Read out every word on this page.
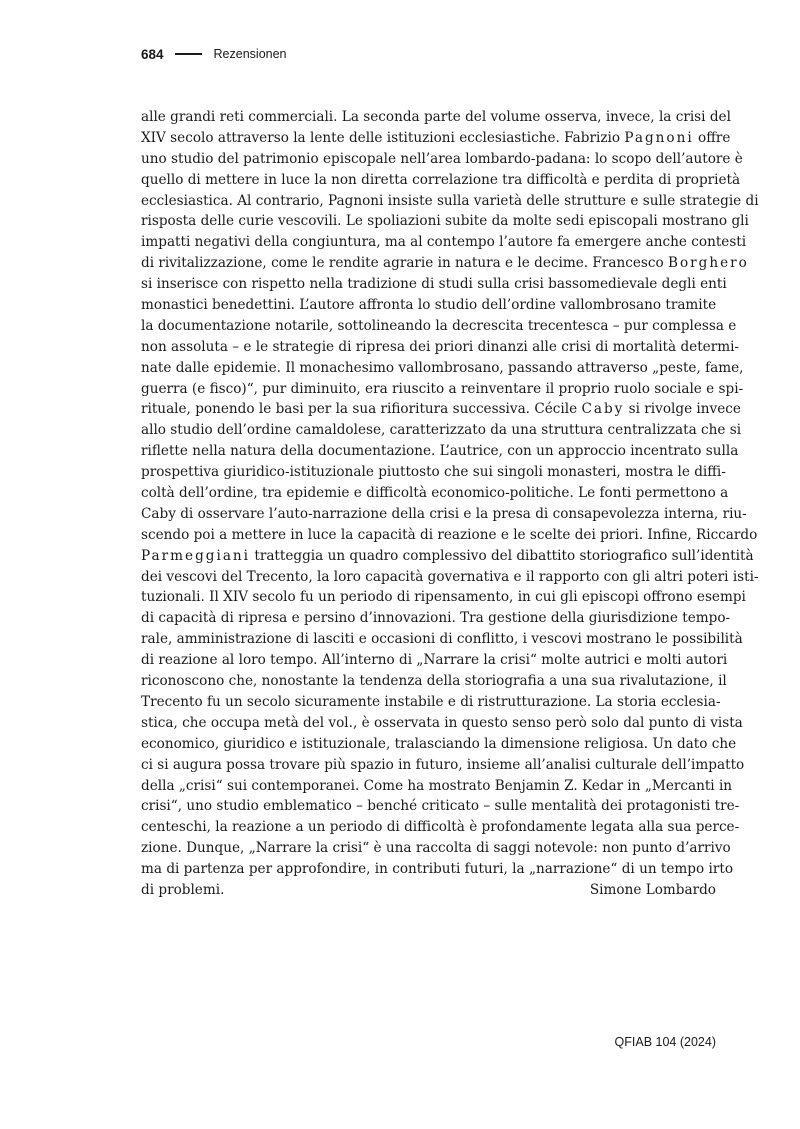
684	Rezensionen
alle grandi reti commerciali. La seconda parte del volume osserva, invece, la crisi del
XIV secolo attraverso la lente delle istituzioni ecclesiastiche. Fabrizio Pagnoni offre
uno studio del patrimonio episcopale nell’area lombardo-padana: lo scopo dell’autore è
quello di mettere in luce la non diretta correlazione tra difficoltà e perdita di proprietà
ecclesiastica. Al contrario, Pagnoni insiste sulla varietà delle strutture e sulle strategie di
risposta delle curie vescovili. Le spoliazioni subite da molte sedi episcopali mostrano gli
impatti negativi della congiuntura, ma al contempo l’autore fa emergere anche contesti
di rivitalizzazione, come le rendite agrarie in natura e le decime. Francesco Borghero
si inserisce con rispetto nella tradizione di studi sulla crisi bassomedievale degli enti
monastici benedettini. L’autore affronta lo studio dell’ordine vallombrosano tramite
la documentazione notarile, sottolineando la decrescita trecentesca – pur complessa e
non assoluta – e le strategie di ripresa dei priori dinanzi alle crisi di mortalità determi-
nate dalle epidemie. Il monachesimo vallombrosano, passando attraverso „peste, fame,
guerra (e fisco)“, pur diminuito, era riuscito a reinventare il proprio ruolo sociale e spi-
rituale, ponendo le basi per la sua rifioritura successiva. Cécile Caby si rivolge invece
allo studio dell’ordine camaldolese, caratterizzato da una struttura centralizzata che si
riflette nella natura della documentazione. L’autrice, con un approccio incentrato sulla
prospettiva giuridico-istituzionale piuttosto che sui singoli monasteri, mostra le diffi-
coltà dell’ordine, tra epidemie e difficoltà economico-politiche. Le fonti permettono a
Caby di osservare l’auto-narrazione della crisi e la presa di consapevolezza interna, riu-
scendo poi a mettere in luce la capacità di reazione e le scelte dei priori. Infine, Riccardo
Parmeggiani tratteggia un quadro complessivo del dibattito storiografico sull’identità
dei vescovi del Trecento, la loro capacità governativa e il rapporto con gli altri poteri isti-
tuzionali. Il XIV secolo fu un periodo di ripensamento, in cui gli episcopi offrono esempi
di capacità di ripresa e persino d’innovazioni. Tra gestione della giurisdizione tempo-
rale, amministrazione di lasciti e occasioni di conflitto, i vescovi mostrano le possibilità
di reazione al loro tempo. All’interno di „Narrare la crisi“ molte autrici e molti autori
riconoscono che, nonostante la tendenza della storiografia a una sua rivalutazione, il
Trecento fu un secolo sicuramente instabile e di ristrutturazione. La storia ecclesia-
stica, che occupa metà del vol., è osservata in questo senso però solo dal punto di vista
economico, giuridico e istituzionale, tralasciando la dimensione religiosa. Un dato che
ci si augura possa trovare più spazio in futuro, insieme all’analisi culturale dell’impatto
della „crisi“ sui contemporanei. Come ha mostrato Benjamin Z. Kedar in „Mercanti in
crisi“, uno studio emblematico – benché criticato – sulle mentalità dei protagonisti tre-
centeschi, la reazione a un periodo di difficoltà è profondamente legata alla sua perce-
zione. Dunque, „Narrare la crisi“ è una raccolta di saggi notevole: non punto d’arrivo
ma di partenza per approfondire, in contributi futuri, la „narrazione“ di un tempo irto
di problemi.	Simone Lombardo
QFIAB 104 (2024)
